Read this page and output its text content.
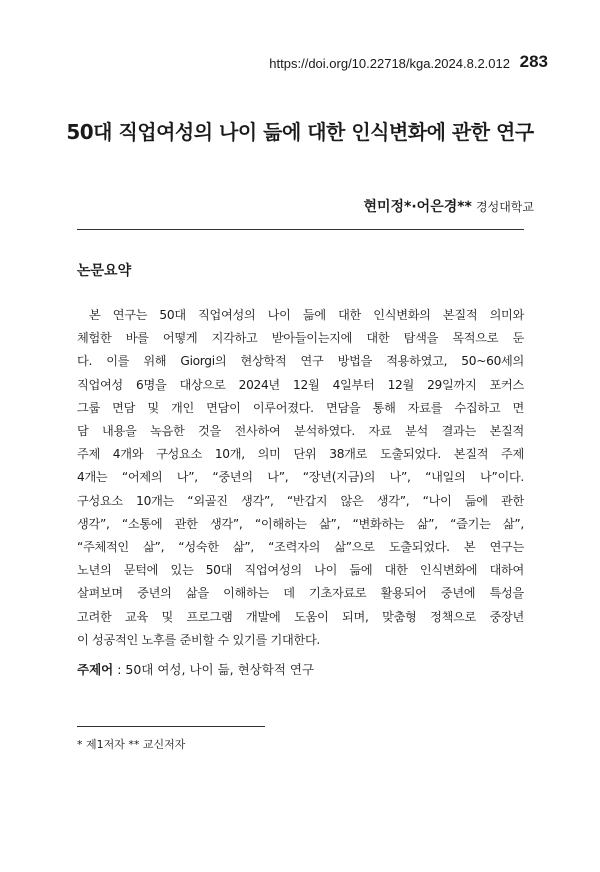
https://doi.org/10.22718/kga.2024.8.2.012 283
50대 직업여성의 나이 듦에 대한 인식변화에 관한 연구
현미정*·어은경** 경성대학교
논문요약
본 연구는 50대 직업여성의 나이 듦에 대한 인식변화의 본질적 의미와
체험한 바를 어떻게 지각하고 받아들이는지에 대한 탐색을 목적으로 둔
다. 이를 위해 Giorgi의 현상학적 연구 방법을 적용하였고, 50~60세의
직업여성 6명을 대상으로 2024년 12월 4일부터 12월 29일까지 포커스
그룹 면담 및 개인 면담이 이루어졌다. 면담을 통해 자료를 수집하고 면
담 내용을 녹음한 것을 전사하여 분석하였다. 자료 분석 결과는 본질적
주제 4개와 구성요소 10개, 의미 단위 38개로 도출되었다. 본질적 주제
4개는 “어제의 나”, “중년의 나”, “장년(지금)의 나”, “내일의 나”이다.
구성요소 10개는 “외골진 생각”, “반갑지 않은 생각”, “나이 듦에 관한
생각”, “소통에 관한 생각”, “이해하는 삶”, “변화하는 삶”, “즐기는 삶”,
“주체적인 삶”, “성숙한 삶”, “조력자의 삶”으로 도출되었다. 본 연구는
노년의 문턱에 있는 50대 직업여성의 나이 듦에 대한 인식변화에 대하여
살펴보며 중년의 삶을 이해하는 데 기초자료로 활용되어 중년에 특성을
고려한 교육 및 프로그램 개발에 도움이 되며, 맞춤형 정책으로 중장년
이 성공적인 노후를 준비할 수 있기를 기대한다.
주제어 : 50대 여성, 나이 듦, 현상학적 연구
* 제1저자 ** 교신저자
